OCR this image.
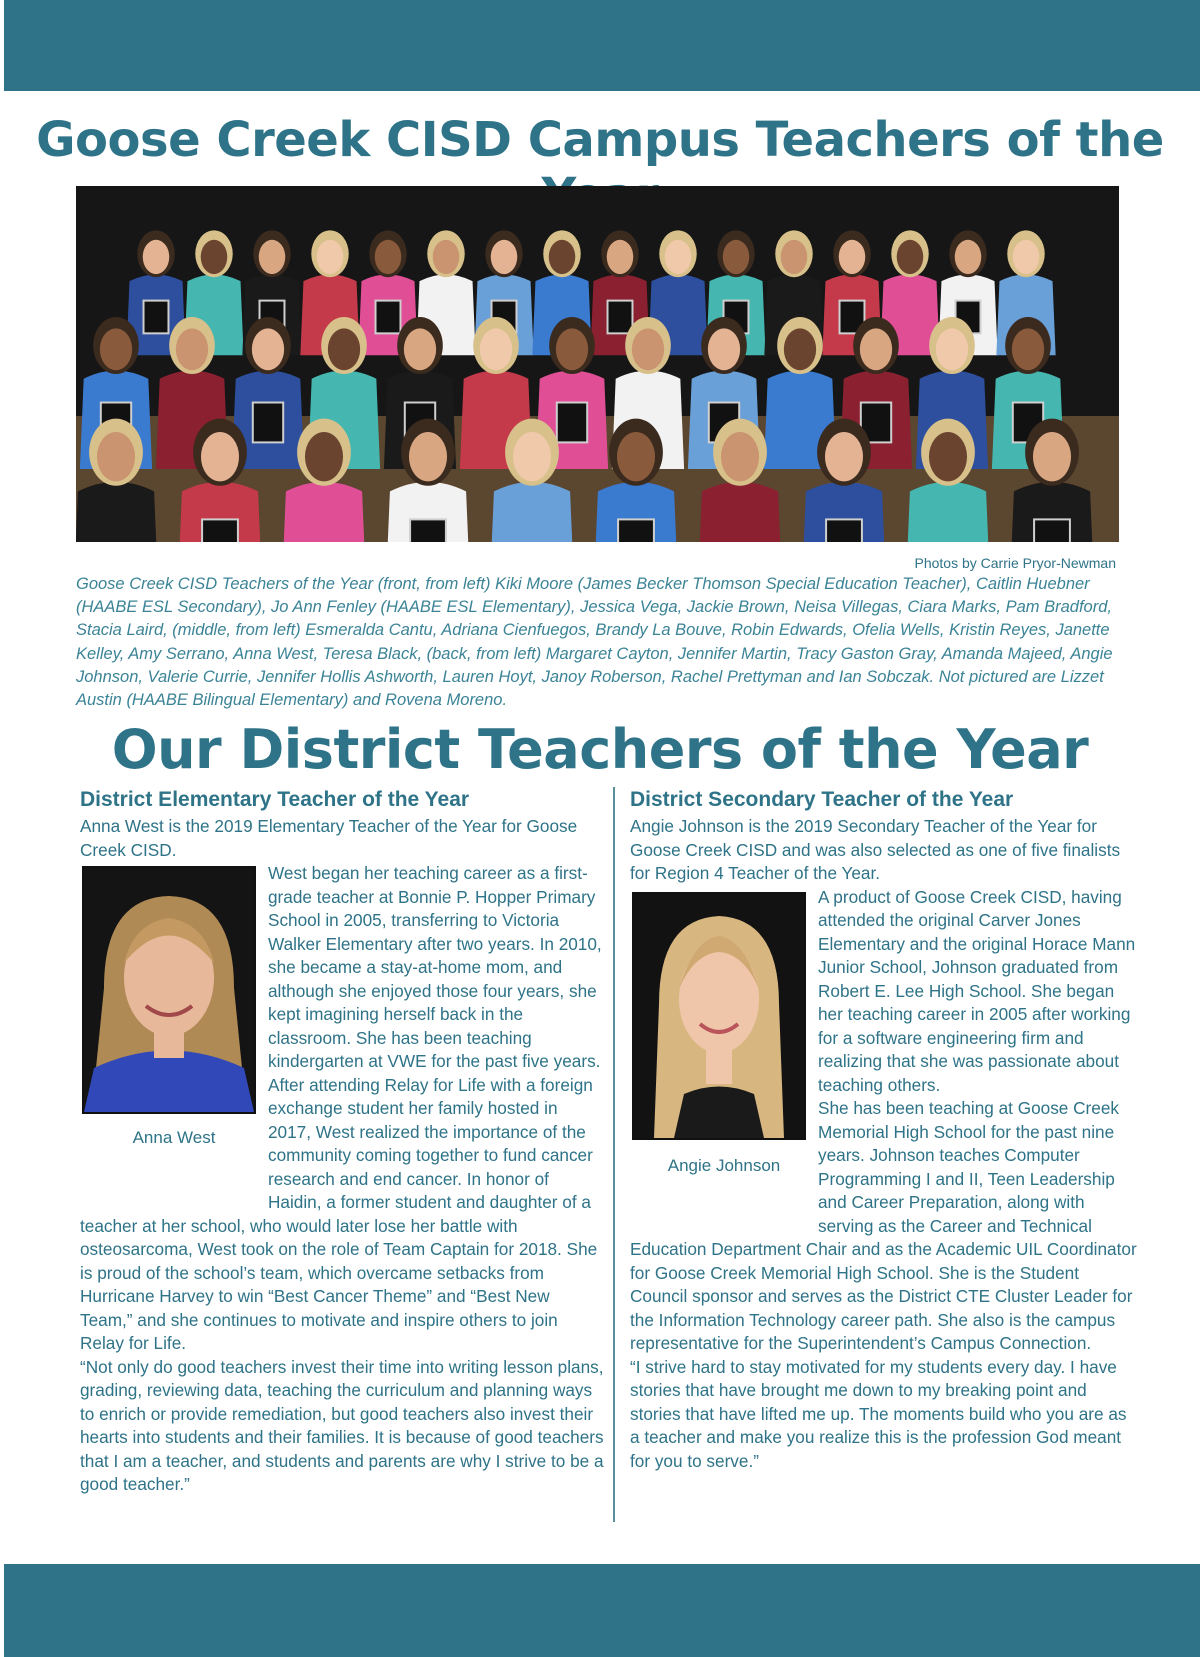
Goose Creek CISD Campus Teachers of the
Photos by Carrie Pryor-Newman

Goose Creek CISD Teachers of the Year (front, from left) Kiki Moore (James Becker Thomson Special Education Teacher), Caitlin Huebner (HAABE ESL Secondary), Jo Ann Fenley (HAABE ESL Elementary), Jessica Vega, Jackie Brown, Neisa Villegas, Ciara Marks, Pam Bradford, Stacia Laird, (middle, from left) Esmeralda Cantu, Adriana Cienfuegos, Brandy La Bouve, Robin Edwards, Ofelia Wells, Kristin Reyes, Janette Kelley, Amy Serrano, Anna West, Teresa Black, (back, from left) Margaret Cayton, Jennifer Martin, Tracy Gaston Gray, Amanda Majeed, Angie Johnson, Valerie Currie, Jennifer Hollis Ashworth, Lauren Hoyt, Janoy Roberson, Rachel Prettyman and Ian Sobczak. Not pictured are Lizzet Austin (HAABE Bilingual Elementary) and Rovena Moreno.

Our District Teachers of the Year
District Elementary Teacher of the Year

Anna West is the 2019 Elementary Teacher of the Year for Goose Creek CISD.

Anna West

West began her teaching career as a first-grade teacher at Bonnie P. Hopper Primary School in 2005, transferring to Victoria Walker Elementary after two years. In 2010, she became a stay-at-home mom, and although she enjoyed those four years, she kept imagining herself back in the classroom. She has been teaching kindergarten at VWE for the past five years.

After attending Relay for Life with a foreign exchange student her family hosted in 2017, West realized the importance of the community coming together to fund cancer research and end cancer. In honor of Haidin, a former student and daughter of a teacher at her school, who would later lose her battle with osteosarcoma, West took on the role of Team Captain for 2018. She is proud of the school’s team, which overcame setbacks from Hurricane Harvey to win “Best Cancer Theme” and “Best New Team,” and she continues to motivate and inspire others to join Relay for Life.

“Not only do good teachers invest their time into writing lesson plans, grading, reviewing data, teaching the curriculum and planning ways to enrich or provide remediation, but good teachers also invest their hearts into students and their families. It is because of good teachers that I am a teacher, and students and parents are why I strive to be a good teacher.”

District Secondary Teacher of the Year

Angie Johnson is the 2019 Secondary Teacher of the Year for Goose Creek CISD and was also selected as one of five finalists for Region 4 Teacher of the Year.

Angie Johnson

A product of Goose Creek CISD, having attended the original Carver Jones Elementary and the original Horace Mann Junior School, Johnson graduated from Robert E. Lee High School. She began her teaching career in 2005 after working for a software engineering firm and realizing that she was passionate about teaching others.

She has been teaching at Goose Creek Memorial High School for the past nine years. Johnson teaches Computer Programming I and II, Teen Leadership and Career Preparation, along with serving as the Career and Technical Education Department Chair and as the Academic UIL Coordinator for Goose Creek Memorial High School. She is the Student Council sponsor and serves as the District CTE Cluster Leader for the Information Technology career path. She also is the campus representative for the Superintendent’s Campus Connection.

“I strive hard to stay motivated for my students every day. I have stories that have brought me down to my breaking point and stories that have lifted me up. The moments build who you are as a teacher and make you realize this is the profession God meant for you to serve.”
